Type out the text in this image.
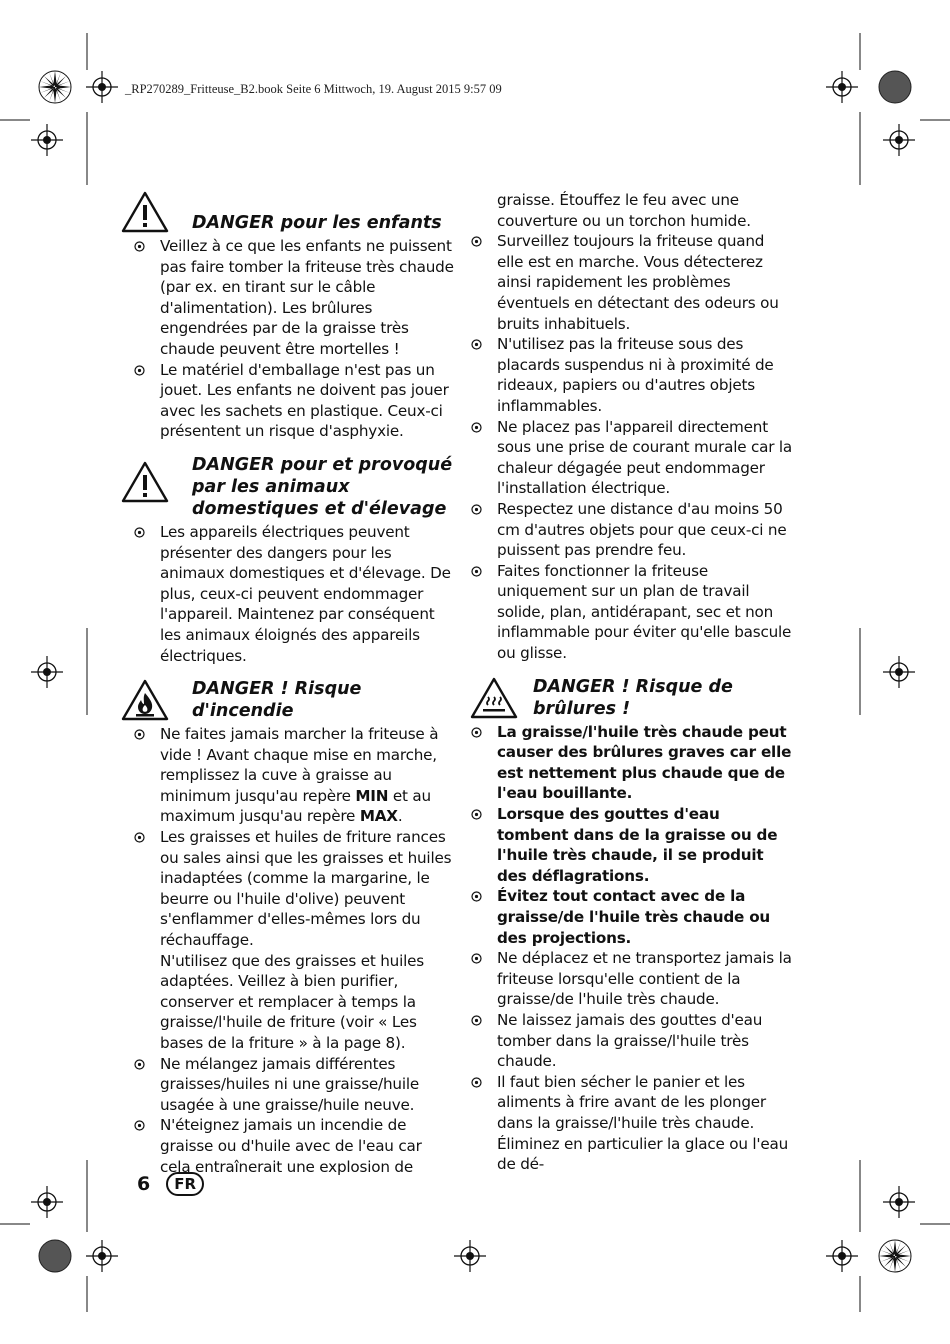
_RP270289_Fritteuse_B2.book Seite 6 Mittwoch, 19. August 2015 9:57 09
DANGER pour les enfants
Veillez à ce que les enfants ne puissent pas faire tomber la friteuse très chaude (par ex. en tirant sur le câble d'alimentation). Les brûlures engendrées par de la graisse très chaude peuvent être mortelles !
Le matériel d'emballage n'est pas un jouet. Les enfants ne doivent pas jouer avec les sachets en plastique. Ceux-ci présentent un risque d'asphyxie.
DANGER pour et provoqué
par les animaux
domestiques et d'élevage
Les appareils électriques peuvent présenter des dangers pour les animaux domestiques et d'élevage. De plus, ceux-ci peuvent endommager l'appareil. Maintenez par conséquent les animaux éloignés des appareils électriques.
DANGER ! Risque
d'incendie
Ne faites jamais marcher la friteuse à vide ! Avant chaque mise en marche, remplissez la cuve à graisse au minimum jusqu'au repère MIN et au maximum jusqu'au repère MAX.
Les graisses et huiles de friture rances ou sales ainsi que les graisses et huiles inadaptées (comme la margarine, le beurre ou l'huile d'olive) peuvent s'enflammer d'elles-mêmes lors du réchauffage.
N'utilisez que des graisses et huiles adaptées. Veillez à bien purifier, conserver et remplacer à temps la graisse/l'huile de friture (voir « Les bases de la friture » à la page 8).
Ne mélangez jamais différentes graisses/huiles ni une graisse/huile usagée à une graisse/huile neuve.
N'éteignez jamais un incendie de graisse ou d'huile avec de l'eau car cela entraînerait une explosion de
graisse. Étouffez le feu avec une couverture ou un torchon humide.
Surveillez toujours la friteuse quand elle est en marche. Vous détecterez ainsi rapidement les problèmes éventuels en détectant des odeurs ou bruits inhabituels.
N'utilisez pas la friteuse sous des placards suspendus ni à proximité de rideaux, papiers ou d'autres objets inflammables.
Ne placez pas l'appareil directement sous une prise de courant murale car la chaleur dégagée peut endommager l'installation électrique.
Respectez une distance d'au moins 50 cm d'autres objets pour que ceux-ci ne puissent pas prendre feu.
Faites fonctionner la friteuse uniquement sur un plan de travail solide, plan, antidérapant, sec et non inflammable pour éviter qu'elle bascule ou glisse.
DANGER ! Risque de
brûlures !
La graisse/l'huile très chaude peut causer des brûlures graves car elle est nettement plus chaude que de l'eau bouillante.
Lorsque des gouttes d'eau tombent dans de la graisse ou de l'huile très chaude, il se produit des déflagrations.
Évitez tout contact avec de la graisse/de l'huile très chaude ou des projections.
Ne déplacez et ne transportez jamais la friteuse lorsqu'elle contient de la graisse/de l'huile très chaude.
Ne laissez jamais des gouttes d'eau tomber dans la graisse/l'huile très chaude.
Il faut bien sécher le panier et les aliments à frire avant de les plonger dans la graisse/l'huile très chaude. Éliminez en particulier la glace ou l'eau de dé-
6	FR
